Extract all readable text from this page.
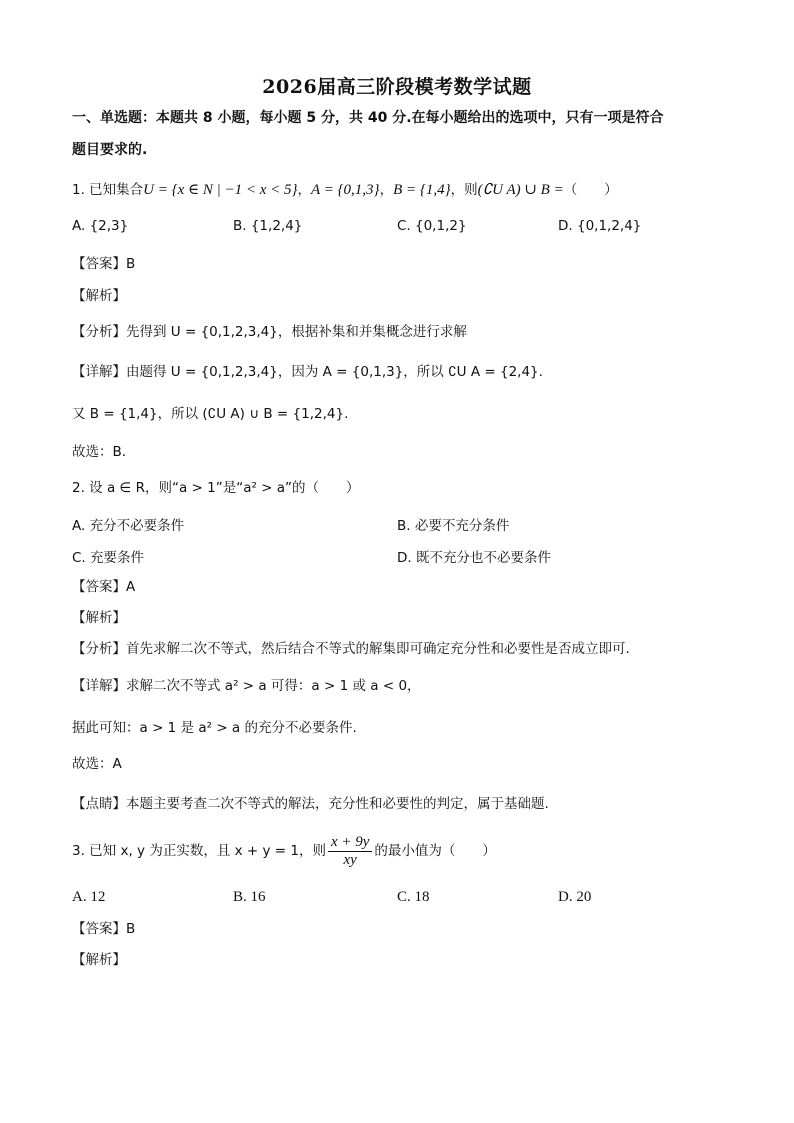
2026届高三阶段模考数学试题
一、单选题：本题共 8 小题，每小题 5 分，共 40 分.在每小题给出的选项中，只有一项是符合
题目要求的.
1. 已知集合U = {x ∈ N | −1 < x < 5}，A = {0,1,3}，B = {1,4}，则(∁U A) ∪ B =（　　）
A. {2,3}	B. {1,2,4}	C. {0,1,2}	D. {0,1,2,4}
【答案】B
【解析】
【分析】先得到 U = {0,1,2,3,4}，根据补集和并集概念进行求解
【详解】由题得 U = {0,1,2,3,4}，因为 A = {0,1,3}，所以 ∁U A = {2,4}.
又 B = {1,4}，所以 (∁U A) ∪ B = {1,2,4}.
故选：B.
2. 设 a ∈ R，则“a > 1”是“a² > a”的（　　）
A. 充分不必要条件	B. 必要不充分条件
C. 充要条件	D. 既不充分也不必要条件
【答案】A
【解析】
【分析】首先求解二次不等式，然后结合不等式的解集即可确定充分性和必要性是否成立即可.
【详解】求解二次不等式 a² > a 可得：a > 1 或 a < 0，
据此可知：a > 1 是 a² > a 的充分不必要条件.
故选：A
【点睛】本题主要考查二次不等式的解法，充分性和必要性的判定，属于基础题.
3. 已知 x, y 为正实数，且 x + y = 1，则 $\frac{x + 9y}{xy}$ 的最小值为（　　）
A. 12	B. 16	C. 18	D. 20
【答案】B
【解析】
